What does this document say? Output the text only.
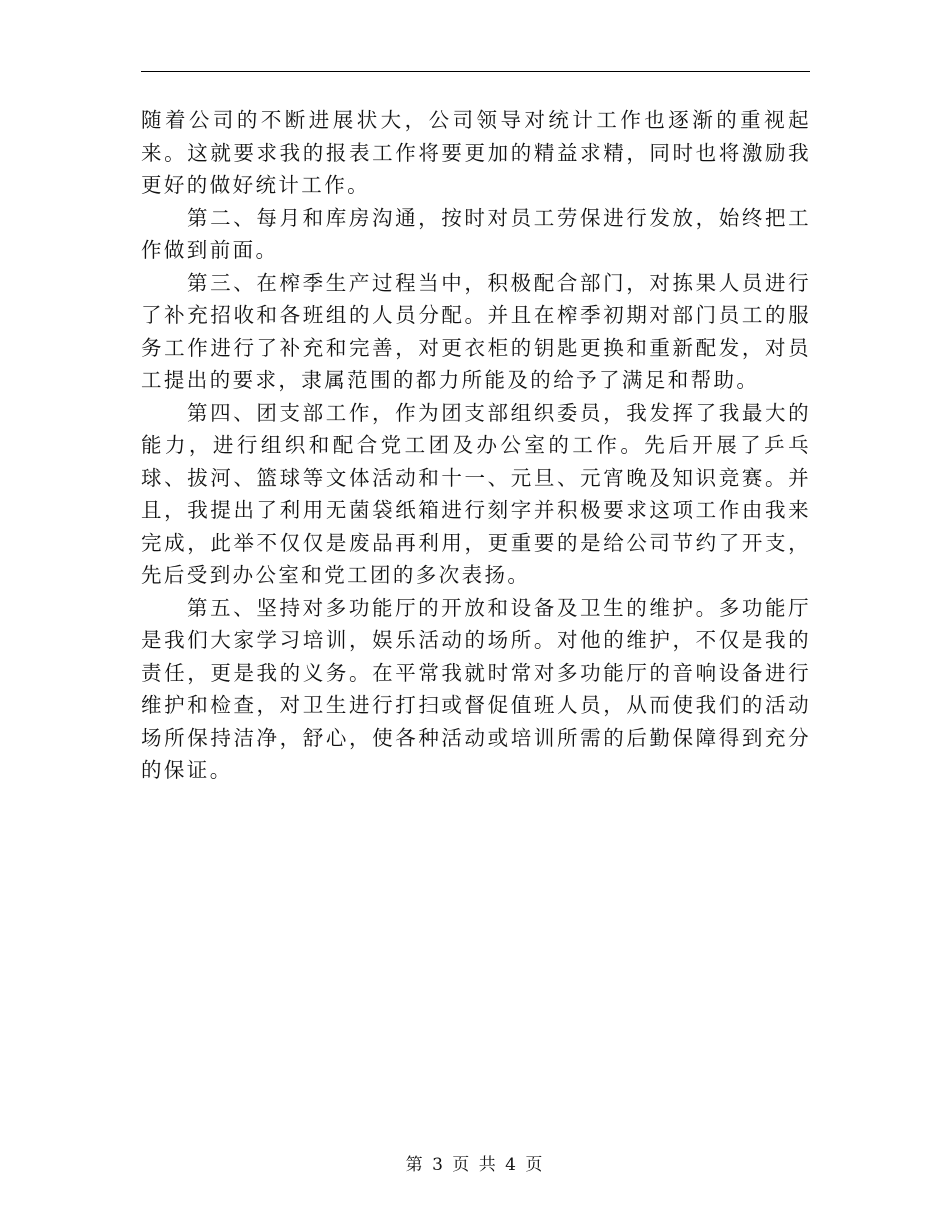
随着公司的不断进展状大，公司领导对统计工作也逐渐的重视起来。这就要求我的报表工作将要更加的精益求精，同时也将激励我更好的做好统计工作。

第二、每月和库房沟通，按时对员工劳保进行发放，始终把工作做到前面。

第三、在榨季生产过程当中，积极配合部门，对拣果人员进行了补充招收和各班组的人员分配。并且在榨季初期对部门员工的服务工作进行了补充和完善，对更衣柜的钥匙更换和重新配发，对员工提出的要求，隶属范围的都力所能及的给予了满足和帮助。

第四、团支部工作，作为团支部组织委员，我发挥了我最大的能力，进行组织和配合党工团及办公室的工作。先后开展了乒乓球、拔河、篮球等文体活动和十一、元旦、元宵晚及知识竞赛。并且，我提出了利用无菌袋纸箱进行刻字并积极要求这项工作由我来完成，此举不仅仅是废品再利用，更重要的是给公司节约了开支，先后受到办公室和党工团的多次表扬。

第五、坚持对多功能厅的开放和设备及卫生的维护。多功能厅是我们大家学习培训，娱乐活动的场所。对他的维护，不仅是我的责任，更是我的义务。在平常我就时常对多功能厅的音响设备进行维护和检查，对卫生进行打扫或督促值班人员，从而使我们的活动场所保持洁净，舒心，使各种活动或培训所需的后勤保障得到充分的保证。

第 3 页 共 4 页
